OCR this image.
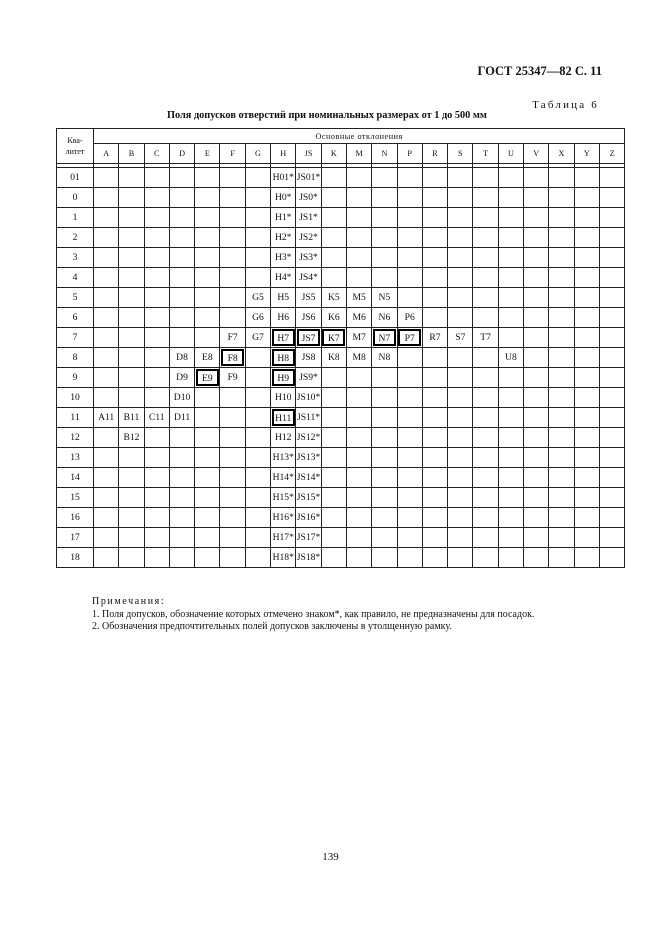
ГОСТ 25347—82 С. 11
Таблица 6
Поля допусков отверстий при номинальных размерах от 1 до 500 мм
Ква-
литет	Основные отклонения																				
	A	B	C	D	E	F	G	H	JS	K	M	N	P	R	S	T	U	V	X	Y	Z

01								H01*	JS01*												
0								H0*	JS0*												
1								H1*	JS1*												
2								H2*	JS2*												
3								H3*	JS3*												
4								H4*	JS4*												
5							G5	H5	JS5	K5	M5	N5									
6							G6	H6	JS6	K6	M6	N6	P6								
7						F7	G7	H7	JS7	K7	M7	N7	P7	R7	S7	T7					
8				D8	E8	F8		H8	JS8	K8	M8	N8					U8				
9				D9	E9	F9		H9	JS9*												
10				D10				H10	JS10*												
11	A11	B11	C11	D11				H11	JS11*												
12		B12						H12	JS12*												
13								H13*	JS13*												
14								H14*	JS14*												
15								H15*	JS15*												
16								H16*	JS16*												
17								H17*	JS17*												
18								H18*	JS18*												
Примечания:
1. Поля допусков, обозначение которых отмечено знаком*, как правило, не предназначены для посадок.
2. Обозначения предпочтительных полей допусков заключены в утолщенную рамку.
139
